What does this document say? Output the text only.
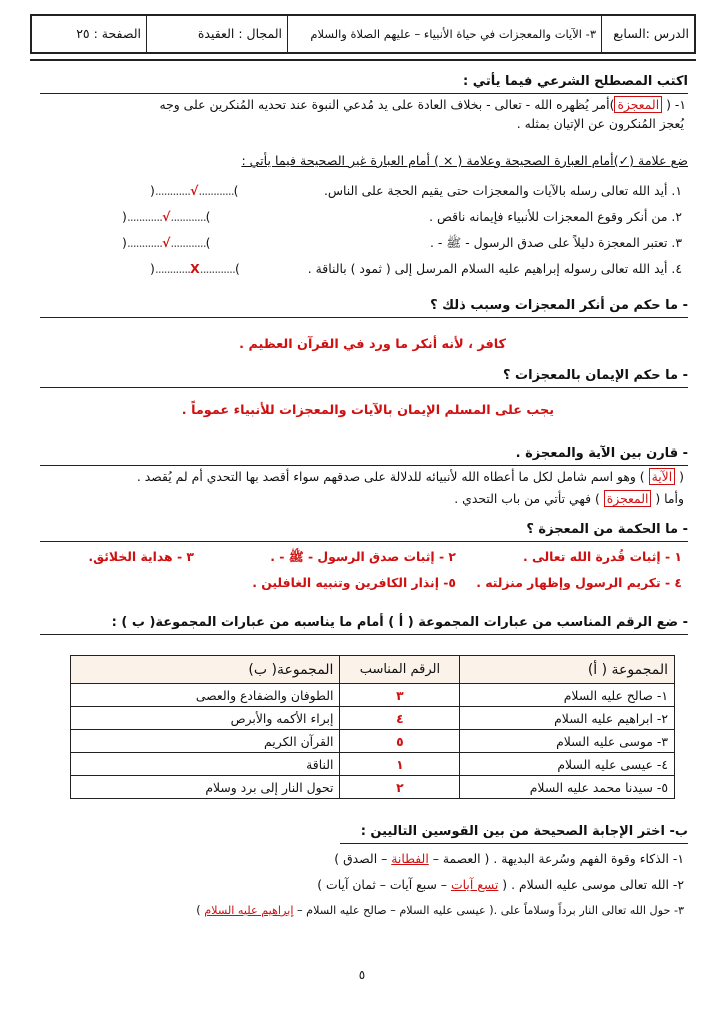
الدرس :السابع
٣- الآيات والمعجزات في حياة الأنبياء – عليهم الصلاة والسلام
المجال : العقيدة
الصفحة : ٢٥
اكتب المصطلح الشرعي فيما يأتي :
١- ( المعجزة)أمر يُظهره الله - تعالى - بخلاف العادة على يد مُدعي النبوة عند تحديه المُنكرين على وجه
يُعجز المُنكرون عن الإتيان بمثله .
ضع علامة (✓)أمام العبارة الصحيحة وعلامة ( × ) أمام العبارة غير الصحيحة فيما يأتي :
١. أيد الله تعالى رسله بالآيات والمعجزات حتى يقيم الحجة على الناس.
)............√............(
٢. من أنكر وقوع المعجزات للأنبياء فإيمانه ناقص .
)............√............(
٣. تعتبر المعجزة دليلاً على صدق الرسول - ﷺ - .
)............√............(
٤. أيد الله تعالى رسوله إبراهيم عليه السلام المرسل إلى ( ثمود ) بالناقة .
)............X............(
- ما حكم من أنكر المعجزات وسبب ذلك ؟
كافر ، لأنه أنكر ما ورد في القرآن العظيم .
- ما حكم الإيمان بالمعجزات ؟
يجب على المسلم الإيمان بالآيات والمعجزات للأنبياء عموماً .
- قارن بين الآية والمعجزة .
( الآية ) وهو اسم شامل لكل ما أعطاه الله لأنبيائه للدلالة على صدقهم سواء أقصد بها التحدي أم لم يُقصد .
وأما ( المعجزة ) فهي تأتي من باب التحدي .
- ما الحكمة من المعجزة ؟
١ - إثبات قُدرة الله تعالى .
٢ - إثبات صدق الرسول - ﷺ - .
٣ - هداية الخلائق.
٤ - تكريم الرسول وإظهار منزلته .
٥- إنذار الكافرين وتنبيه الغافلين .
- ضع الرقم المناسب من عبارات المجموعة ( أ ) أمام ما يناسبه من عبارات المجموعة( ب ) :
المجموعة ( أ)	الرقم المناسب	المجموعة( ب)
١- صالح عليه السلام	٣	الطوفان والضفادع والعصى
٢- ابراهيم عليه السلام	٤	إبراء الأكمه والأبرص
٣- موسى عليه السلام	٥	القرآن الكريم
٤- عيسى عليه السلام	١	الناقة
٥- سيدنا محمد عليه السلام	٢	تحول النار إلى برد وسلام
ب- اختر الإجابة الصحيحة من بين القوسين التاليين :
١- الذكاء وقوة الفهم وسُرعة البديهة . ( العصمة – الفطانة – الصدق )
٢- الله تعالى موسى عليه السلام . ( تسع آيات – سبع آيات – ثمان آيات )
٣- حول الله تعالى النار برداً وسلاماً على .( عيسى عليه السلام – صالح عليه السلام – إبراهيم عليه السلام )
٥
